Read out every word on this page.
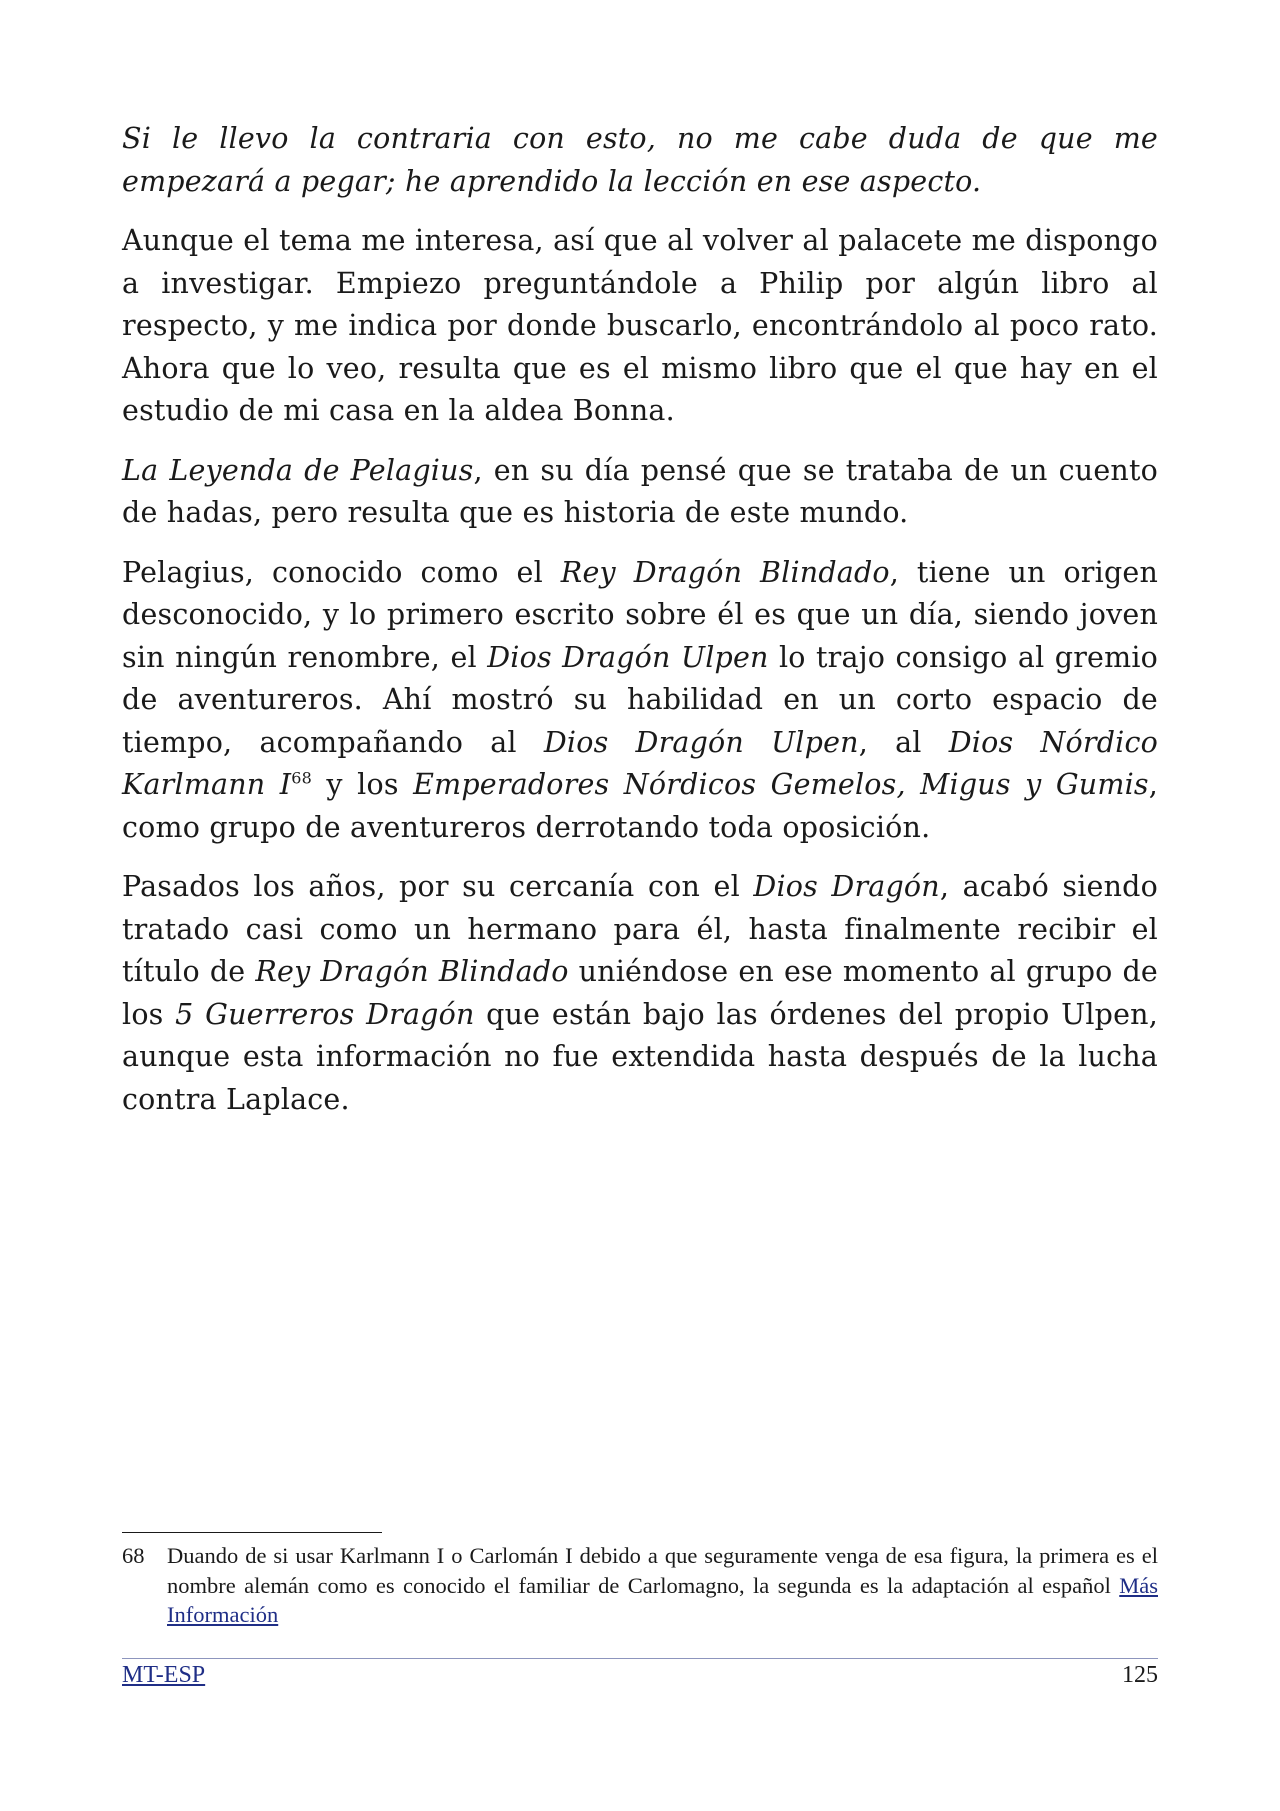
Si le llevo la contraria con esto, no me cabe duda de que me empezará a pegar; he aprendido la lección en ese aspecto.

Aunque el tema me interesa, así que al volver al palacete me dispongo a investigar. Empiezo preguntándole a Philip por algún libro al respecto, y me indica por donde buscarlo, encontrándolo al poco rato. Ahora que lo veo, resulta que es el mismo libro que el que hay en el estudio de mi casa en la aldea Bonna.

La Leyenda de Pelagius, en su día pensé que se trataba de un cuento de hadas, pero resulta que es historia de este mundo.

Pelagius, conocido como el Rey Dragón Blindado, tiene un origen desconocido, y lo primero escrito sobre él es que un día, siendo joven sin ningún renombre, el Dios Dragón Ulpen lo trajo consigo al gremio de aventureros. Ahí mostró su habilidad en un corto espacio de tiempo, acompañando al Dios Dragón Ulpen, al Dios Nórdico Karlmann $I^{68}$ y los Emperadores Nórdicos Gemelos, Migus y Gumis, como grupo de aventureros derrotando toda oposición.

Pasados los años, por su cercanía con el Dios Dragón, acabó siendo tratado casi como un hermano para él, hasta finalmente recibir el título de Rey Dragón Blindado uniéndose en ese momento al grupo de los 5 Guerreros Dragón que están bajo las órdenes del propio Ulpen, aunque esta información no fue extendida hasta después de la lucha contra Laplace.

68	Duando de si usar Karlmann I o Carlomán I debido a que seguramente venga de esa figura, la primera es el nombre alemán como es conocido el familiar de Carlomagno, la segunda es la adaptación al español Más Información
MT-ESP	125
